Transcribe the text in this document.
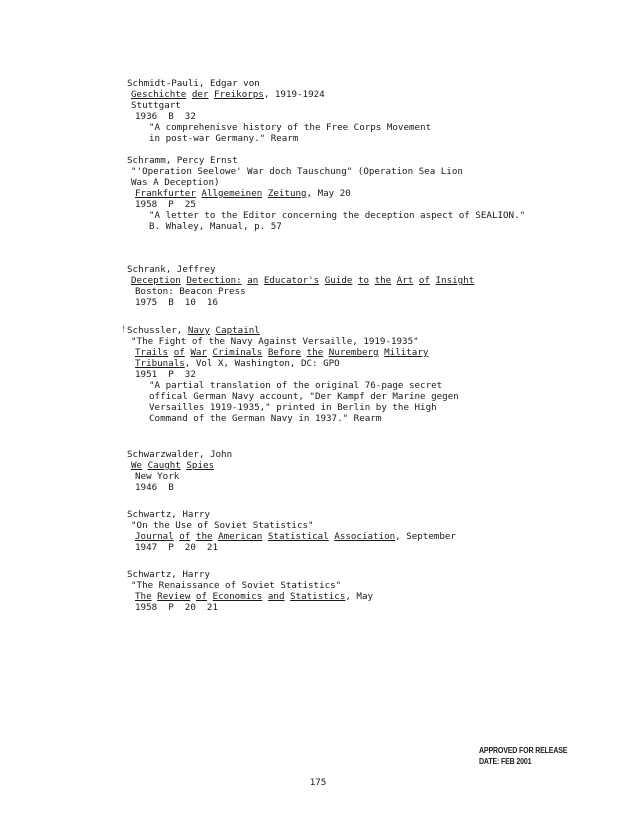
Schmidt-Pauli, Edgar von
Geschichte der Freikorps, 1919-1924
Stuttgart
1936  B  32
"A comprehenisve history of the Free Corps Movement
in post-war Germany." Rearm
Schramm, Percy Ernst
"'Operation Seelowe' War doch Tauschung" (Operation Sea Lion
Was A Deception)
Frankfurter Allgemeinen Zeitung, May 20
1958  P  25
"A letter to the Editor concerning the deception aspect of SEALION."
B. Whaley, Manual, p. 57
Schrank, Jeffrey
Deception Detection: an Educator's Guide to the Art of Insight
Boston: Beacon Press
1975  B  10  16
! Schussler, Navy Captainl
"The Fight of the Navy Against Versaille, 1919-1935"
Trails of War Criminals Before the Nuremberg Military
Tribunals, Vol X, Washington, DC: GPO
1951  P  32
"A partial translation of the original 76-page secret
offical German Navy account, "Der Kampf der Marine gegen
Versailles 1919-1935," printed in Berlin by the High
Command of the German Navy in 1937." Rearm
Schwarzwalder, John
We Caught Spies
New York
1946  B
Schwartz, Harry
"On the Use of Soviet Statistics"
Journal of the American Statistical Association, September
1947  P  20  21
Schwartz, Harry
"The Renaissance of Soviet Statistics"
The Review of Economics and Statistics, May
1958  P  20  21
APPROVED FOR RELEASE
DATE: FEB 2001
175
